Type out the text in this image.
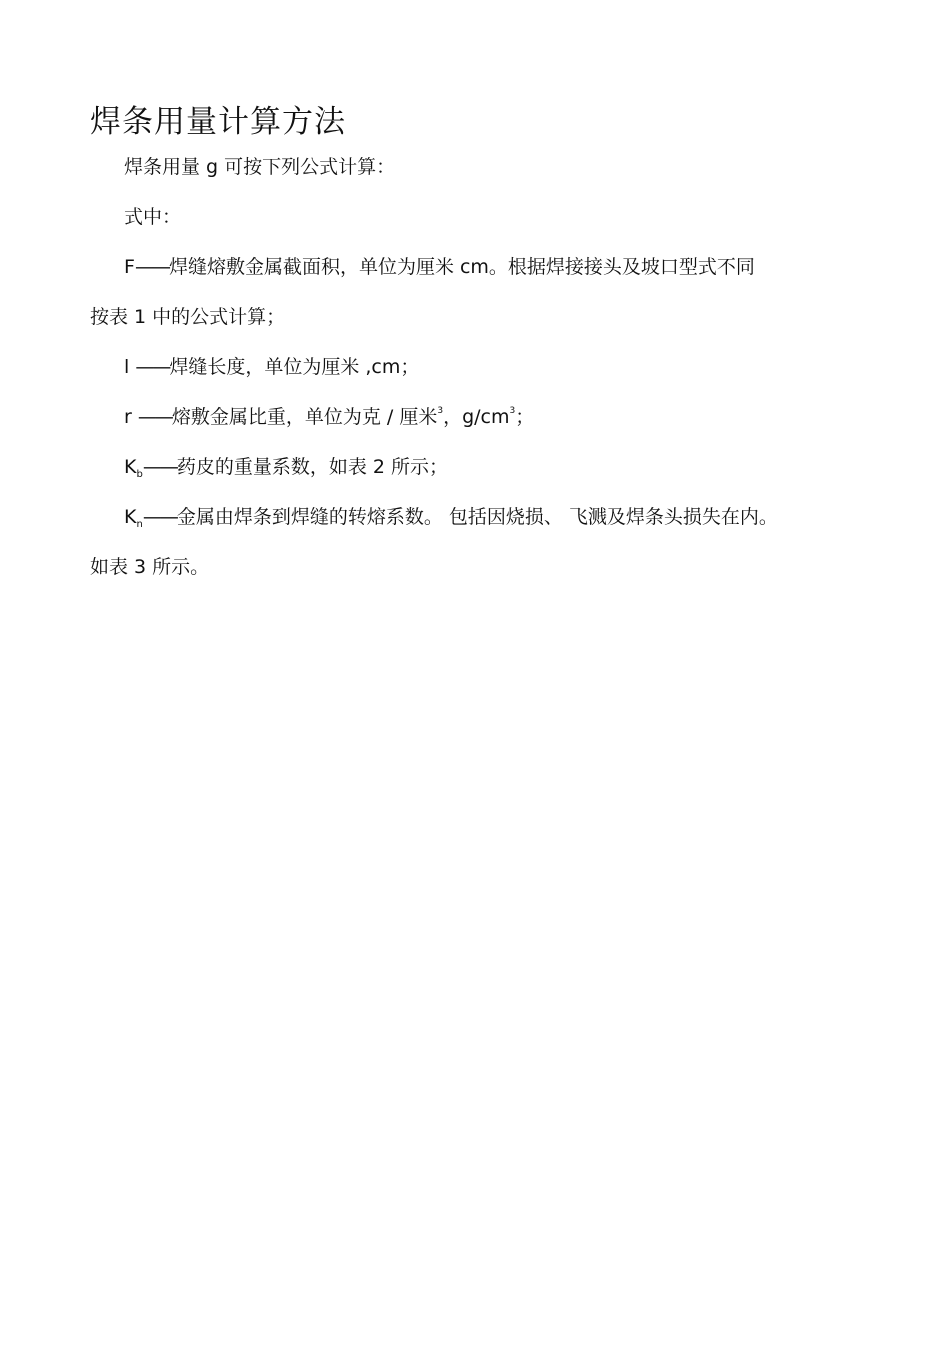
焊条用量计算方法
焊条用量 g 可按下列公式计算：
式中：
F——焊缝熔敷金属截面积，单位为厘米 cm。根据焊接接头及坡口型式不同
按表 1 中的公式计算；
l ——焊缝长度，单位为厘米 ,cm；
r ——熔敷金属比重，单位为克 / 厘米$^3$，$g/cm^3$；
$K_b——$药皮的重量系数，如表 2 所示；
$K_n——$金属由焊条到焊缝的转熔系数。 包括因烧损、 飞溅及焊条头损失在内。
如表 3 所示。
